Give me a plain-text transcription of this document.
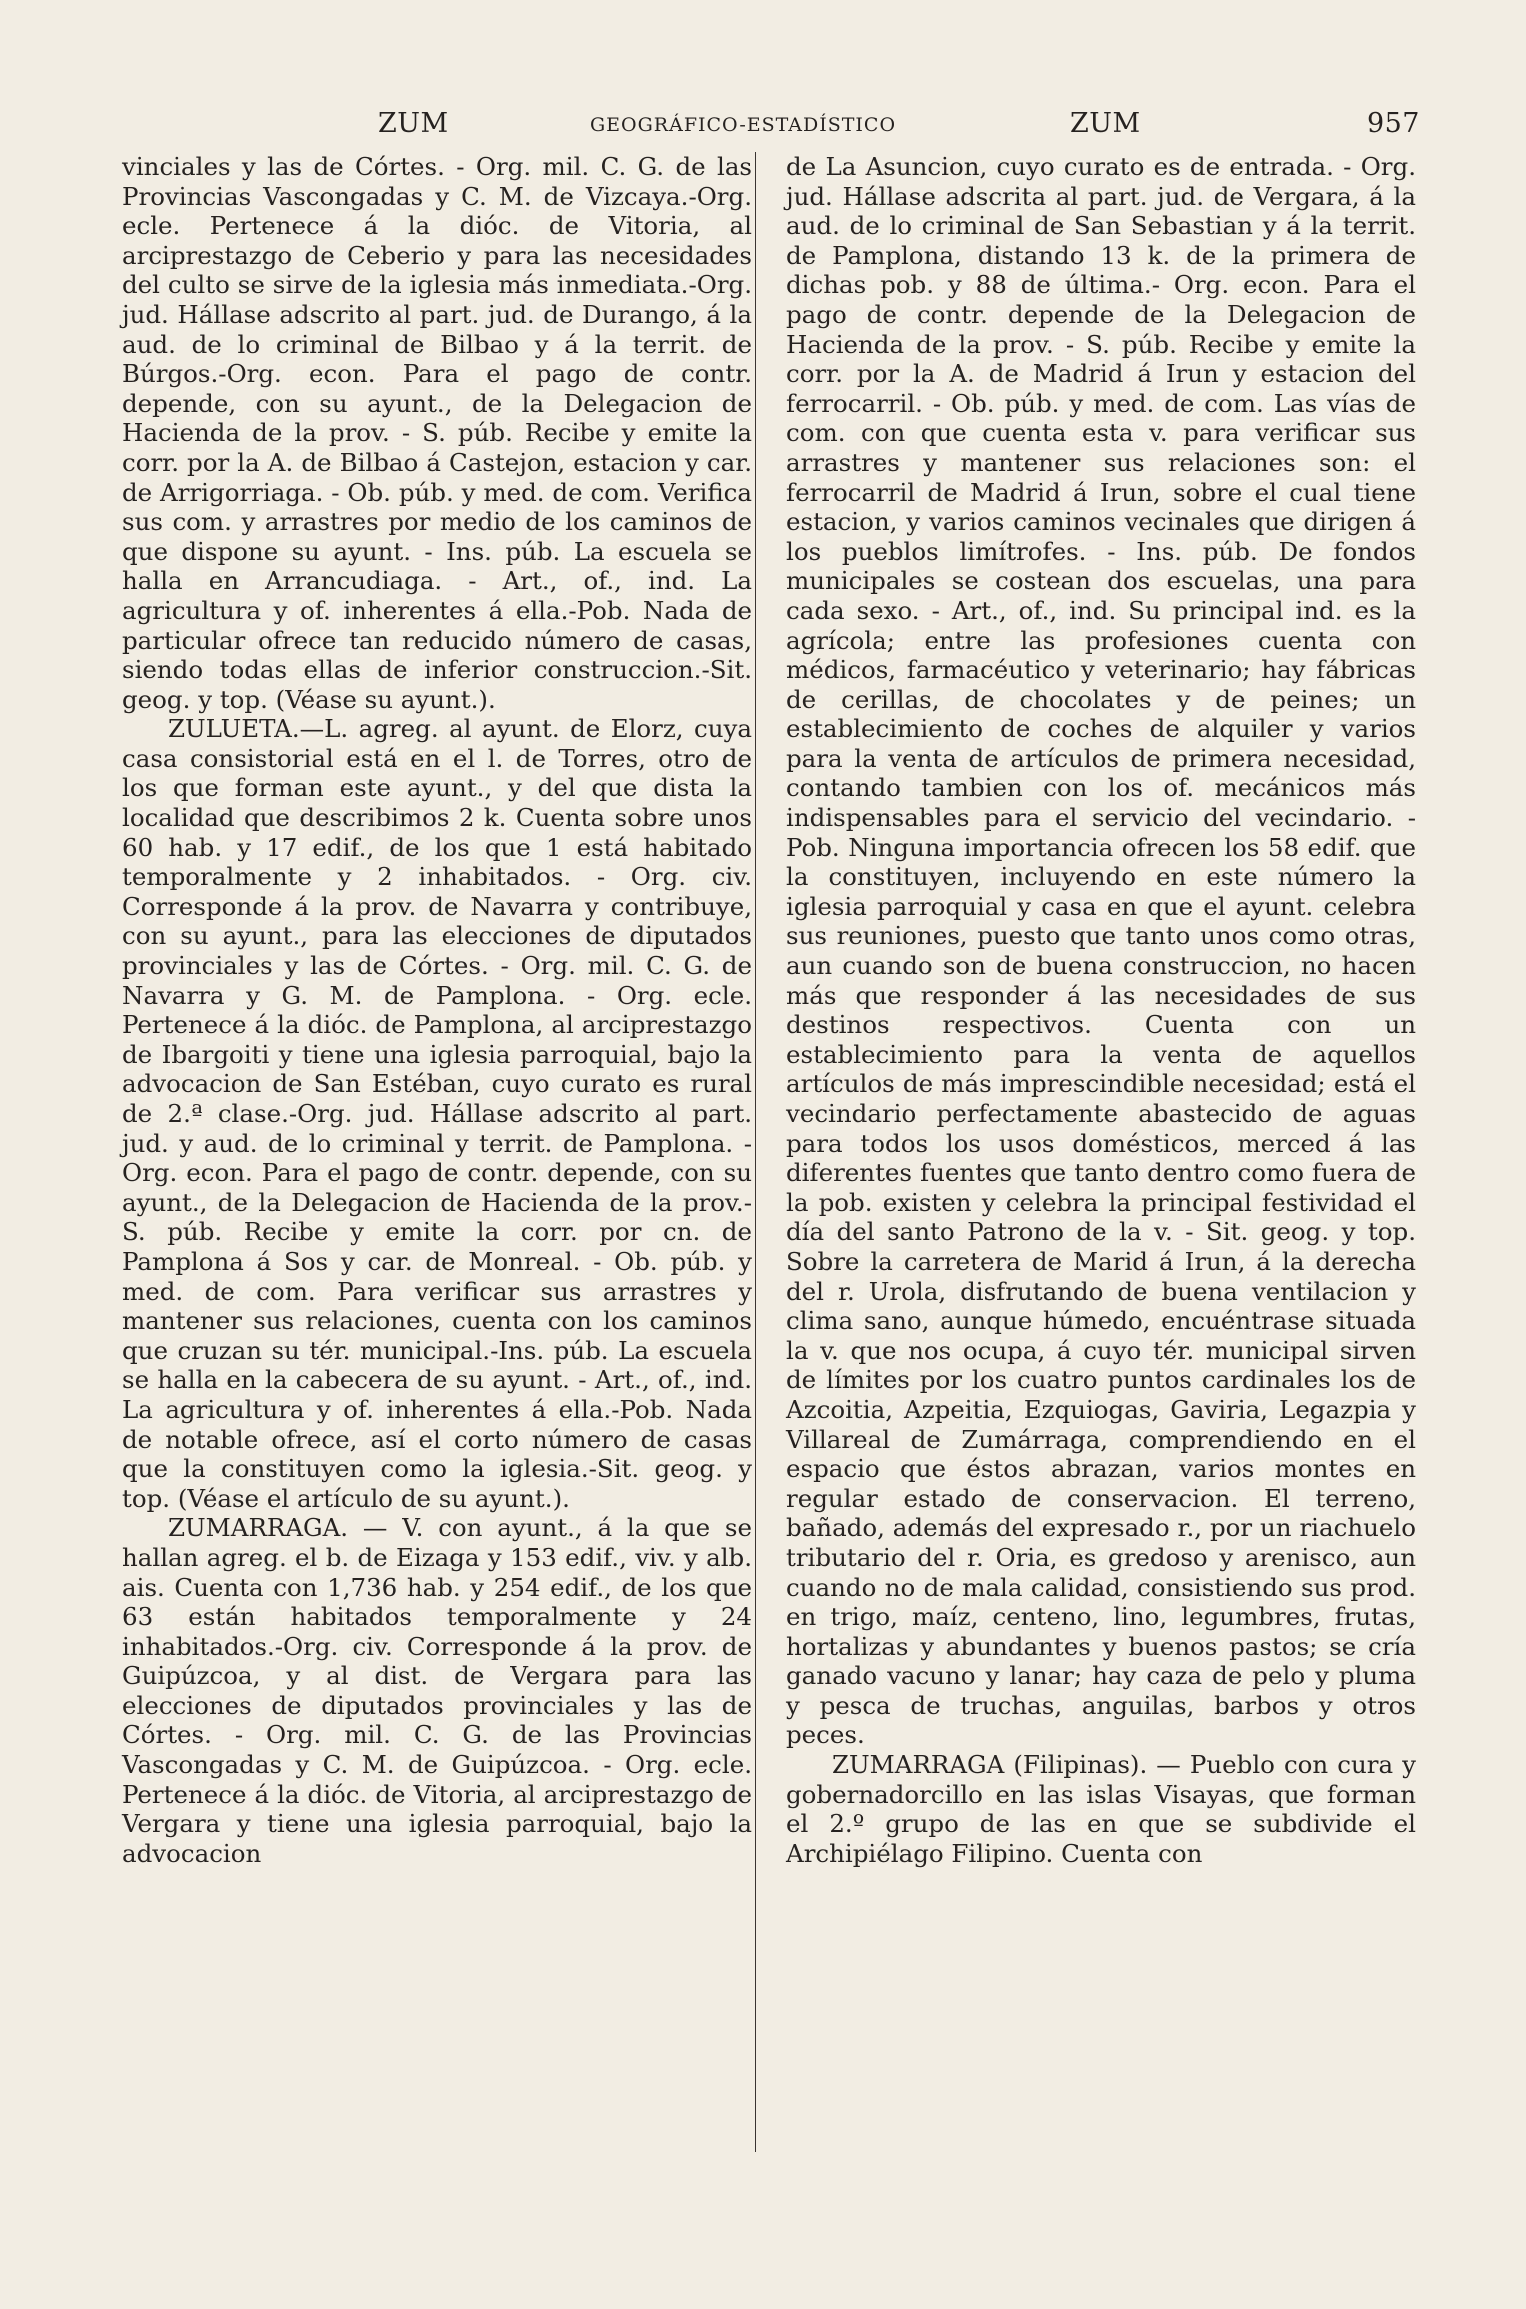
ZUM	GEOGRÁFICO-ESTADÍSTICO	ZUM	957

vinciales y las de Córtes. - Org. mil. C. G. de las Provincias Vascongadas y C. M. de Vizcaya.-Org. ecle. Pertenece á la dióc. de Vitoria, al arciprestazgo de Ceberio y para las necesidades del culto se sirve de la iglesia más inmediata.-Org. jud. Hállase adscrito al part. jud. de Durango, á la aud. de lo criminal de Bilbao y á la territ. de Búrgos.-Org. econ. Para el pago de contr. depende, con su ayunt., de la Delegacion de Hacienda de la prov. - S. púb. Recibe y emite la corr. por la A. de Bilbao á Castejon, estacion y car. de Arrigorriaga. - Ob. púb. y med. de com. Verifica sus com. y arrastres por medio de los caminos de que dispone su ayunt. - Ins. púb. La escuela se halla en Arrancudiaga. - Art., of., ind. La agricultura y of. inherentes á ella.-Pob. Nada de particular ofrece tan reducido número de casas, siendo todas ellas de inferior construccion.-Sit. geog. y top. (Véase su ayunt.).

ZULUETA.—L. agreg. al ayunt. de Elorz, cuya casa consistorial está en el l. de Torres, otro de los que forman este ayunt., y del que dista la localidad que describimos 2 k. Cuenta sobre unos 60 hab. y 17 edif., de los que 1 está habitado temporalmente y 2 inhabitados. - Org. civ. Corresponde á la prov. de Navarra y contribuye, con su ayunt., para las elecciones de diputados provinciales y las de Córtes. - Org. mil. C. G. de Navarra y G. M. de Pamplona. - Org. ecle. Pertenece á la dióc. de Pamplona, al arciprestazgo de Ibargoiti y tiene una iglesia parroquial, bajo la advocacion de San Estéban, cuyo curato es rural de 2.ª clase.-Org. jud. Hállase adscrito al part. jud. y aud. de lo criminal y territ. de Pamplona. - Org. econ. Para el pago de contr. depende, con su ayunt., de la Delegacion de Hacienda de la prov.- S. púb. Recibe y emite la corr. por cn. de Pamplona á Sos y car. de Monreal. - Ob. púb. y med. de com. Para verificar sus arrastres y mantener sus relaciones, cuenta con los caminos que cruzan su tér. municipal.-Ins. púb. La escuela se halla en la cabecera de su ayunt. - Art., of., ind. La agricultura y of. inherentes á ella.-Pob. Nada de notable ofrece, así el corto número de casas que la constituyen como la iglesia.-Sit. geog. y top. (Véase el artículo de su ayunt.).

ZUMARRAGA. — V. con ayunt., á la que se hallan agreg. el b. de Eizaga y 153 edif., viv. y alb. ais. Cuenta con 1,736 hab. y 254 edif., de los que 63 están habitados temporalmente y 24 inhabitados.-Org. civ. Corresponde á la prov. de Guipúzcoa, y al dist. de Vergara para las elecciones de diputados provinciales y las de Córtes. - Org. mil. C. G. de las Provincias Vascongadas y C. M. de Guipúzcoa. - Org. ecle. Pertenece á la dióc. de Vitoria, al arciprestazgo de Vergara y tiene una iglesia parroquial, bajo la advocacion

de La Asuncion, cuyo curato es de entrada. - Org. jud. Hállase adscrita al part. jud. de Vergara, á la aud. de lo criminal de San Sebastian y á la territ. de Pamplona, distando 13 k. de la primera de dichas pob. y 88 de última.- Org. econ. Para el pago de contr. depende de la Delegacion de Hacienda de la prov. - S. púb. Recibe y emite la corr. por la A. de Madrid á Irun y estacion del ferrocarril. - Ob. púb. y med. de com. Las vías de com. con que cuenta esta v. para verificar sus arrastres y mantener sus relaciones son: el ferrocarril de Madrid á Irun, sobre el cual tiene estacion, y varios caminos vecinales que dirigen á los pueblos limítrofes. - Ins. púb. De fondos municipales se costean dos escuelas, una para cada sexo. - Art., of., ind. Su principal ind. es la agrícola; entre las profesiones cuenta con médicos, farmacéutico y veterinario; hay fábricas de cerillas, de chocolates y de peines; un establecimiento de coches de alquiler y varios para la venta de artículos de primera necesidad, contando tambien con los of. mecánicos más indispensables para el servicio del vecindario. - Pob. Ninguna importancia ofrecen los 58 edif. que la constituyen, incluyendo en este número la iglesia parroquial y casa en que el ayunt. celebra sus reuniones, puesto que tanto unos como otras, aun cuando son de buena construccion, no hacen más que responder á las necesidades de sus destinos respectivos. Cuenta con un establecimiento para la venta de aquellos artículos de más imprescindible necesidad; está el vecindario perfectamente abastecido de aguas para todos los usos domésticos, merced á las diferentes fuentes que tanto dentro como fuera de la pob. existen y celebra la principal festividad el día del santo Patrono de la v. - Sit. geog. y top. Sobre la carretera de Marid á Irun, á la derecha del r. Urola, disfrutando de buena ventilacion y clima sano, aunque húmedo, encuéntrase situada la v. que nos ocupa, á cuyo tér. municipal sirven de límites por los cuatro puntos cardinales los de Azcoitia, Azpeitia, Ezquiogas, Gaviria, Legazpia y Villareal de Zumárraga, comprendiendo en el espacio que éstos abrazan, varios montes en regular estado de conservacion. El terreno, bañado, además del expresado r., por un riachuelo tributario del r. Oria, es gredoso y arenisco, aun cuando no de mala calidad, consistiendo sus prod. en trigo, maíz, centeno, lino, legumbres, frutas, hortalizas y abundantes y buenos pastos; se cría ganado vacuno y lanar; hay caza de pelo y pluma y pesca de truchas, anguilas, barbos y otros peces.

ZUMARRAGA (Filipinas). — Pueblo con cura y gobernadorcillo en las islas Visayas, que forman el 2.º grupo de las en que se subdivide el Archipiélago Filipino. Cuenta con
